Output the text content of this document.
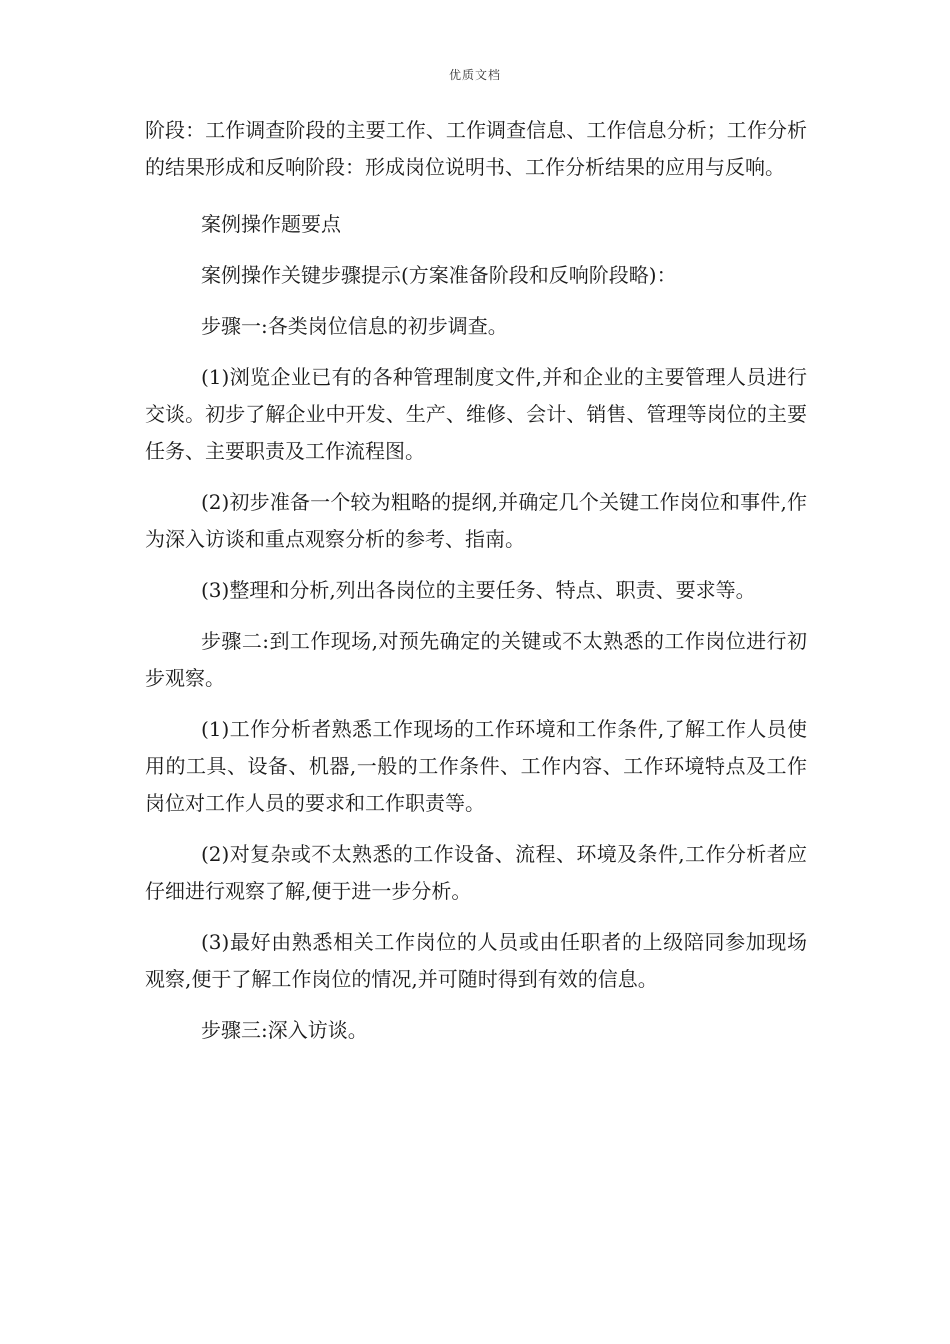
优质文档

阶段：工作调查阶段的主要工作、工作调查信息、工作信息分析；工作分析的结果形成和反响阶段：形成岗位说明书、工作分析结果的应用与反响。

案例操作题要点

案例操作关键步骤提示(方案准备阶段和反响阶段略)：

步骤一:各类岗位信息的初步调查。

(1)浏览企业已有的各种管理制度文件,并和企业的主要管理人员进行交谈。初步了解企业中开发、生产、维修、会计、销售、管理等岗位的主要任务、主要职责及工作流程图。

(2)初步准备一个较为粗略的提纲,并确定几个关键工作岗位和事件,作为深入访谈和重点观察分析的参考、指南。

(3)整理和分析,列出各岗位的主要任务、特点、职责、要求等。

步骤二:到工作现场,对预先确定的关键或不太熟悉的工作岗位进行初步观察。

(1)工作分析者熟悉工作现场的工作环境和工作条件,了解工作人员使用的工具、设备、机器,一般的工作条件、工作内容、工作环境特点及工作岗位对工作人员的要求和工作职责等。

(2)对复杂或不太熟悉的工作设备、流程、环境及条件,工作分析者应仔细进行观察了解,便于进一步分析。

(3)最好由熟悉相关工作岗位的人员或由任职者的上级陪同参加现场观察,便于了解工作岗位的情况,并可随时得到有效的信息。

步骤三:深入访谈。
